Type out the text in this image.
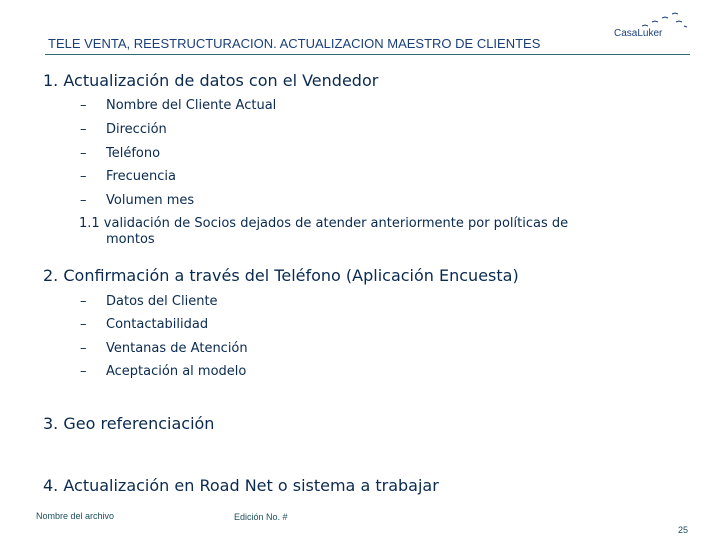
TELE VENTA, REESTRUCTURACION. ACTUALIZACION MAESTRO DE CLIENTES
CasaLuker
1. Actualización de datos con el Vendedor
– Nombre del Cliente Actual
– Dirección
– Teléfono
– Frecuencia
– Volumen mes
1.1 validación de Socios dejados de atender anteriormente por políticas de
montos
2. Confirmación a través del Teléfono (Aplicación Encuesta)
– Datos del Cliente
– Contactabilidad
– Ventanas de Atención
– Aceptación al modelo
3. Geo referenciación
4. Actualización en Road Net o sistema a trabajar
Nombre del archivo	Edición No. #
25
